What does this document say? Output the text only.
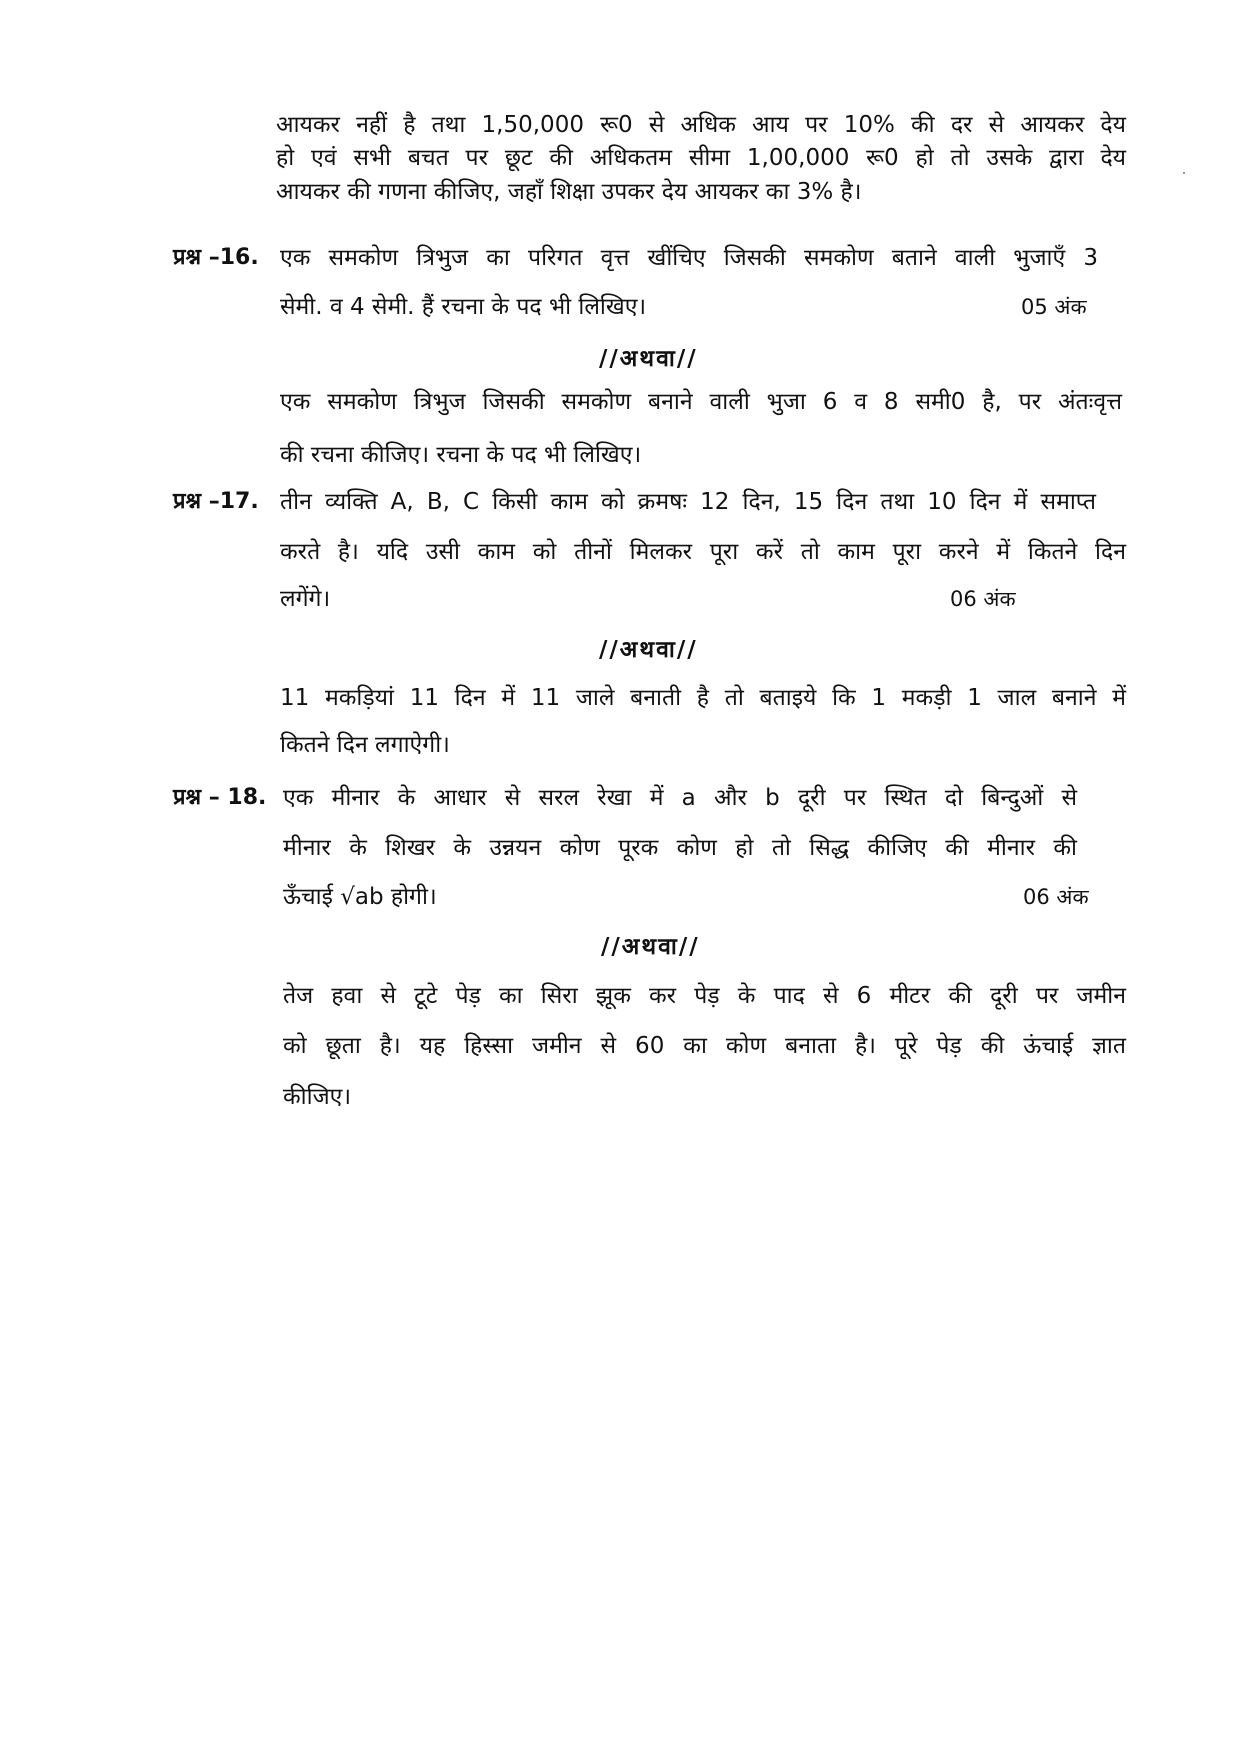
आयकर नहीं है तथा 1,50,000 रू0 से अधिक आय पर 10% की दर से आयकर देय
हो एवं सभी बचत पर छूट की अधिकतम सीमा 1,00,000 रू0 हो तो उसके द्वारा देय
आयकर की गणना कीजिए, जहाँ शिक्षा उपकर देय आयकर का 3% है।
प्रश्न –16. एक समकोण त्रिभुज का परिगत वृत्त खींचिए जिसकी समकोण बताने वाली भुजाएँ 3
सेमी. व 4 सेमी. हैं रचना के पद भी लिखिए।	05 अंक
//अथवा//
एक समकोण त्रिभुज जिसकी समकोण बनाने वाली भुजा 6 व 8 समी0 है, पर अंतःवृत्त
की रचना कीजिए। रचना के पद भी लिखिए।
प्रश्न –17. तीन व्यक्ति A, B, C किसी काम को क्रमषः 12 दिन, 15 दिन तथा 10 दिन में समाप्त
करते है। यदि उसी काम को तीनों मिलकर पूरा करें तो काम पूरा करने में कितने दिन
लगेंगे।	06 अंक
//अथवा//
11 मकड़ियां 11 दिन में 11 जाले बनाती है तो बताइये कि 1 मकड़ी 1 जाल बनाने में
कितने दिन लगाऐगी।
प्रश्न – 18. एक मीनार के आधार से सरल रेखा में a और b दूरी पर स्थित दो बिन्दुओं से
मीनार के शिखर के उन्नयन कोण पूरक कोण हो तो सिद्ध कीजिए की मीनार की
ऊँचाई √ab होगी।	06 अंक
//अथवा//
तेज हवा से टूटे पेड़ का सिरा झूक कर पेड़ के पाद से 6 मीटर की दूरी पर जमीन
को छूता है। यह हिस्सा जमीन से 60 का कोण बनाता है। पूरे पेड़ की ऊंचाई ज्ञात
कीजिए।
